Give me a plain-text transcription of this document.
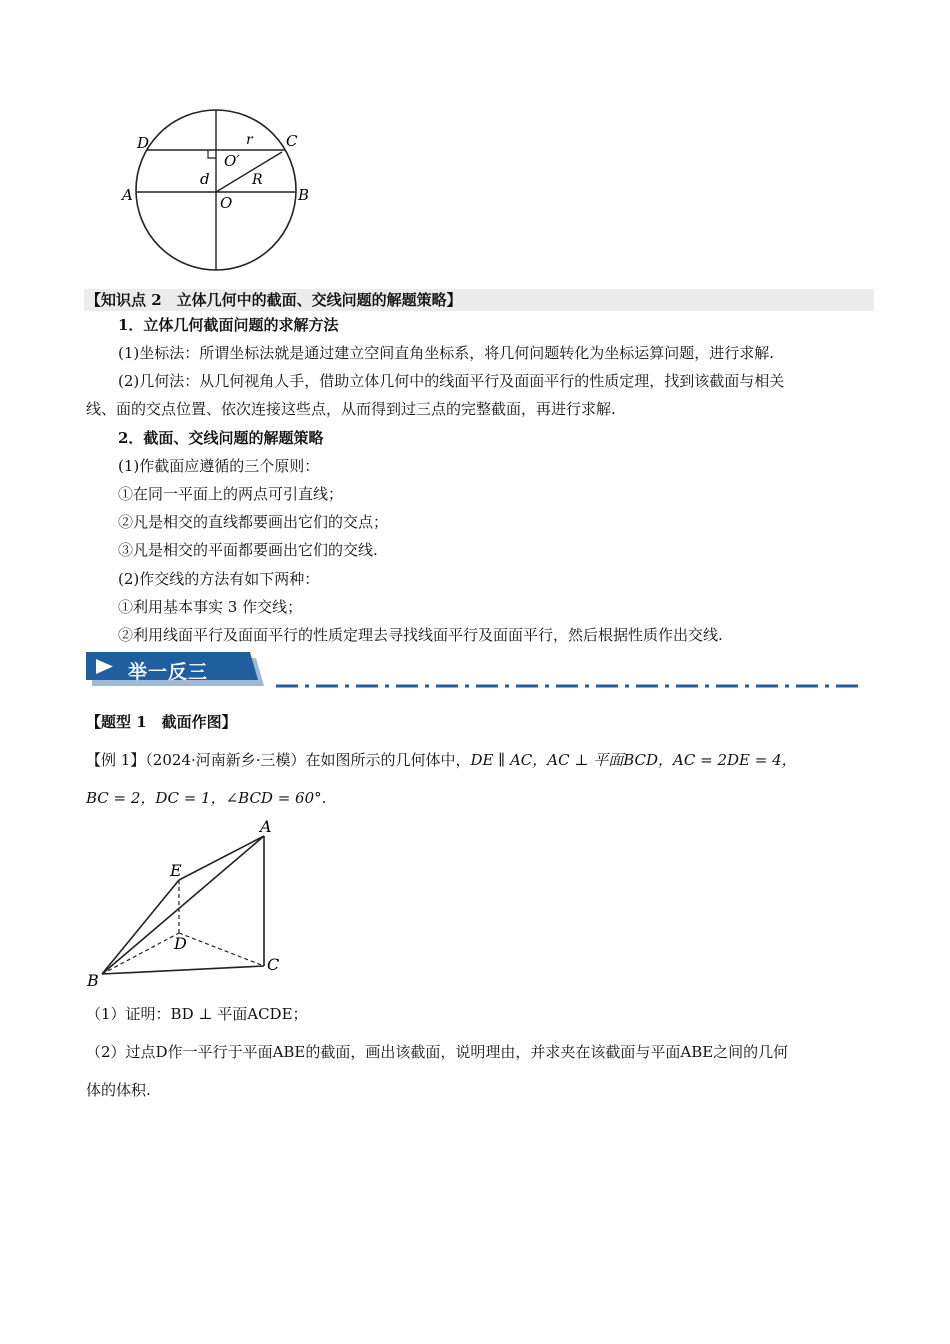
D	C
A	B
O
O′
r
d	R
【知识点 2　立体几何中的截面、交线问题的解题策略】
1．立体几何截面问题的求解方法
(1)坐标法：所谓坐标法就是通过建立空间直角坐标系，将几何问题转化为坐标运算问题，进行求解.
(2)几何法：从几何视角人手，借助立体几何中的线面平行及面面平行的性质定理，找到该截面与相关
线、面的交点位置、依次连接这些点，从而得到过三点的完整截面，再进行求解.
2．截面、交线问题的解题策略
(1)作截面应遵循的三个原则：
①在同一平面上的两点可引直线；
②凡是相交的直线都要画出它们的交点；
③凡是相交的平面都要画出它们的交线.
(2)作交线的方法有如下两种：
①利用基本事实 3 作交线；
②利用线面平行及面面平行的性质定理去寻找线面平行及面面平行，然后根据性质作出交线.
举一反三
【题型 1　截面作图】
【例 1】（2024·河南新乡·三模）在如图所示的几何体中，DE ∥ AC，AC ⊥ 平面BCD，AC = 2DE = 4，
BC = 2，DC = 1，∠BCD = 60°.
A
E
D
B
C
（1）证明：BD ⊥ 平面ACDE；
（2）过点D作一平行于平面ABE的截面，画出该截面，说明理由，并求夹在该截面与平面ABE之间的几何
体的体积.
